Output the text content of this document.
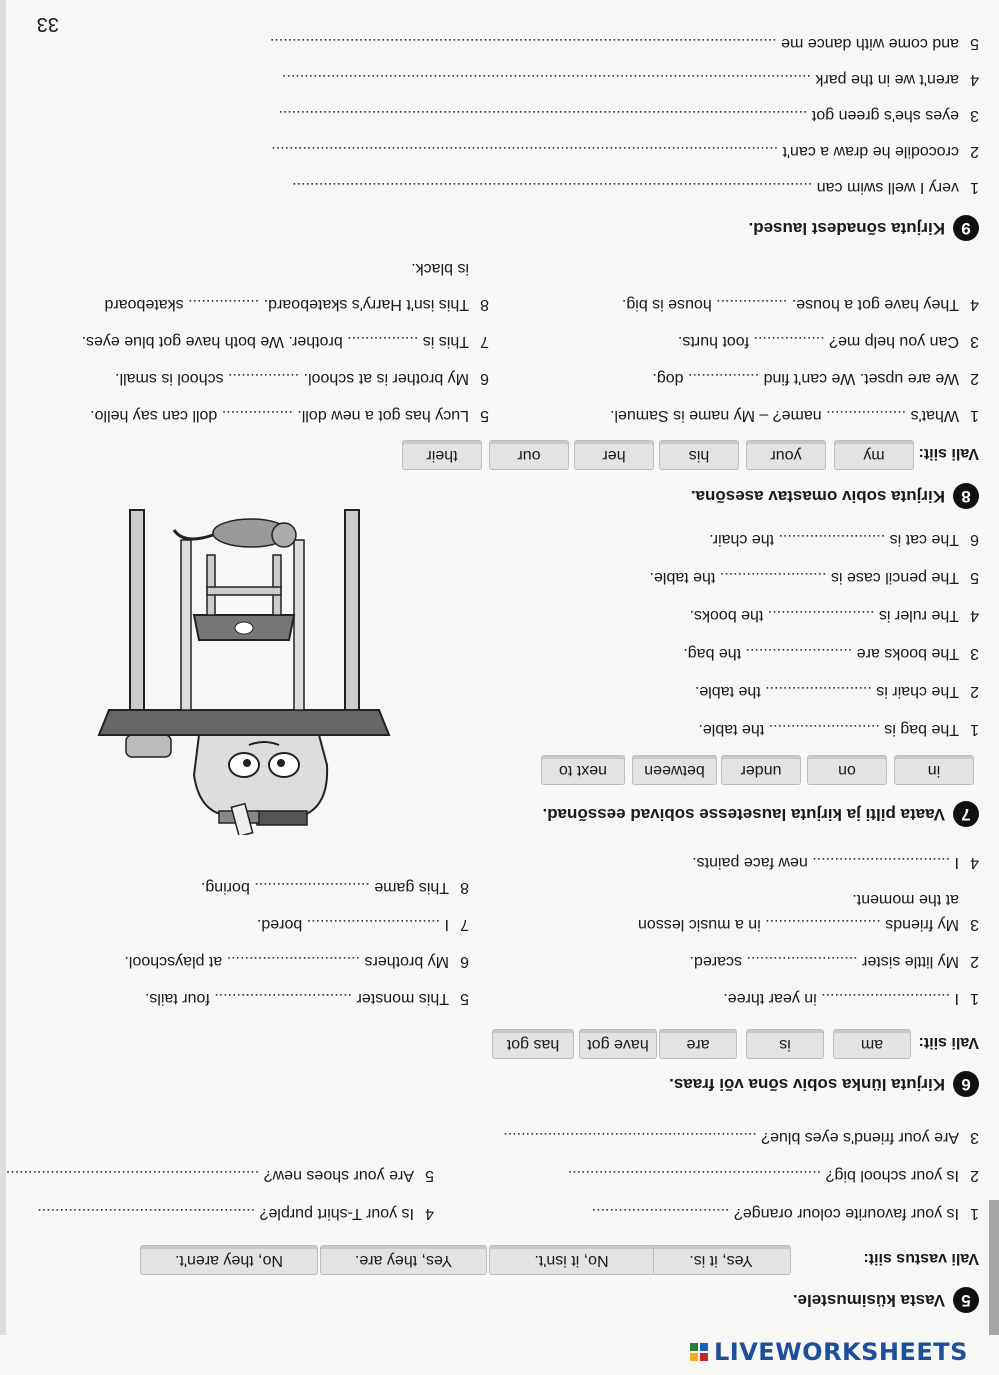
5
Vasta küsimustele.
Vali vastus siit:
Yes, it is.
No, it isn't.
Yes, they are.
No, they aren't.
1Is your favourite colour orange? ...............................
2Is your school big? .........................................................
3Are your friend's eyes blue? .........................................................
4Is your T-shirt purple? .................................................
5Are your shoes new? .........................................................
6
Kirjuta lünka sobiv sõna või fraas.
Vali siit:
am
is
are
have got
has got
1I ............................. in year three.
2My little sister ......................... scared.
3My friends .......................... in a music lesson
at the moment.
4I ............................... new face paints.
5This monster ............................... four tails.
6My brothers .............................. at playschool.
7I .............................. bored.
8This game .......................... boring.
7
Vaata pilti ja kirjuta lausetesse sobivad eessõnad.
in
on
under
between
next to
1The bag is ......................... the table.
2The chair is ........................ the table.
3The books are ........................ the bag.
4The ruler is ........................ the books.
5The pencil case is ........................ the table.
6The cat is ........................ the chair.
8
Kirjuta sobiv omastav asesõna.
Vali siit:
my
your
his
her
our
their
1What's .................. name? – My name is Samuel.
2We are upset. We can't find ................ dog.
3Can you help me? ................ foot hurts.
4They have got a house. ................ house is big.
5Lucy has got a new doll. ................ doll can say hello.
6My brother is at school. ................ school is small.
7This is ................ brother. We both have got blue eyes.
8This isn't Harry's skateboard. ................ skateboard
is black.
9
Kirjuta sõnadest laused.
1very I well swim can .....................................................................................................................
2crocodile he draw a can't ..................................................................................................................
3eyes she's green got .......................................................................................................................
4aren't we in the park .......................................................................................................................
5and come with dance me ..................................................................................................................
33
LIVEWORKSHEETS
